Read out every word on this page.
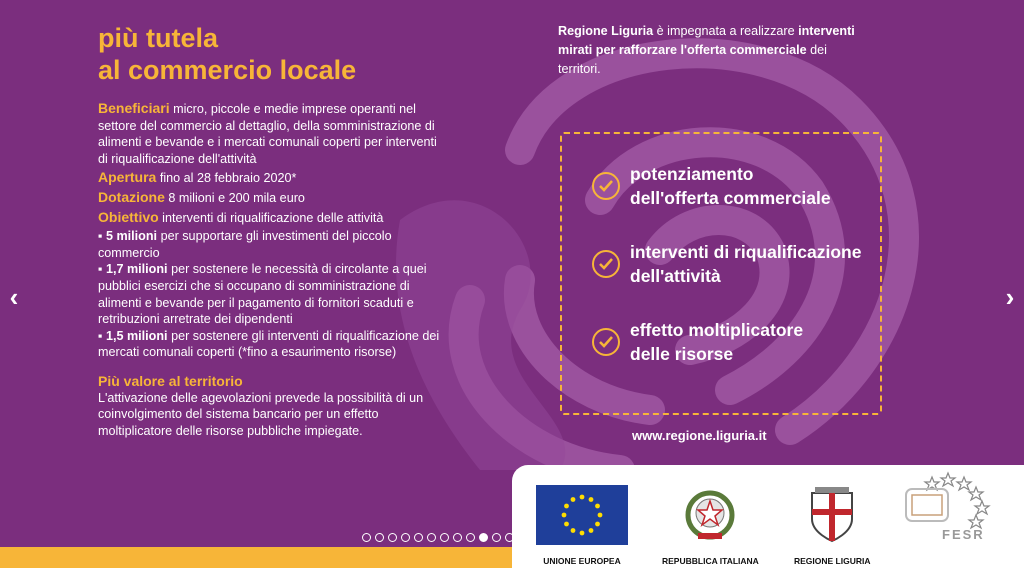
più tutela
al commercio locale
Beneficiari micro, piccole e medie imprese operanti nel settore del commercio al dettaglio, della somministrazione di alimenti e bevande e i mercati comunali coperti per interventi di riqualificazione dell'attività
Apertura fino al 28 febbraio 2020*
Dotazione 8 milioni e 200 mila euro
Obiettivo interventi di riqualificazione delle attività
▪ 5 milioni per supportare gli investimenti del piccolo commercio
▪ 1,7 milioni per sostenere le necessità di circolante a quei pubblici esercizi che si occupano di somministrazione di alimenti e bevande per il pagamento di fornitori scaduti e retribuzioni arretrate dei dipendenti
▪ 1,5 milioni per sostenere gli interventi di riqualificazione dei mercati comunali coperti (*fino a esaurimento risorse)
Più valore al territorio
L'attivazione delle agevolazioni prevede la possibilità di un coinvolgimento del sistema bancario per un effetto moltiplicatore delle risorse pubbliche impiegate.
Regione Liguria è impegnata a realizzare interventi mirati per rafforzare l'offerta commerciale dei territori.
potenziamento
dell'offerta commerciale
interventi di riqualificazione
dell'attività
effetto moltiplicatore
delle risorse
www.regione.liguria.it
‹	›
UNIONE EUROPEA	REPUBBLICA ITALIANA	REGIONE LIGURIA
FESR
